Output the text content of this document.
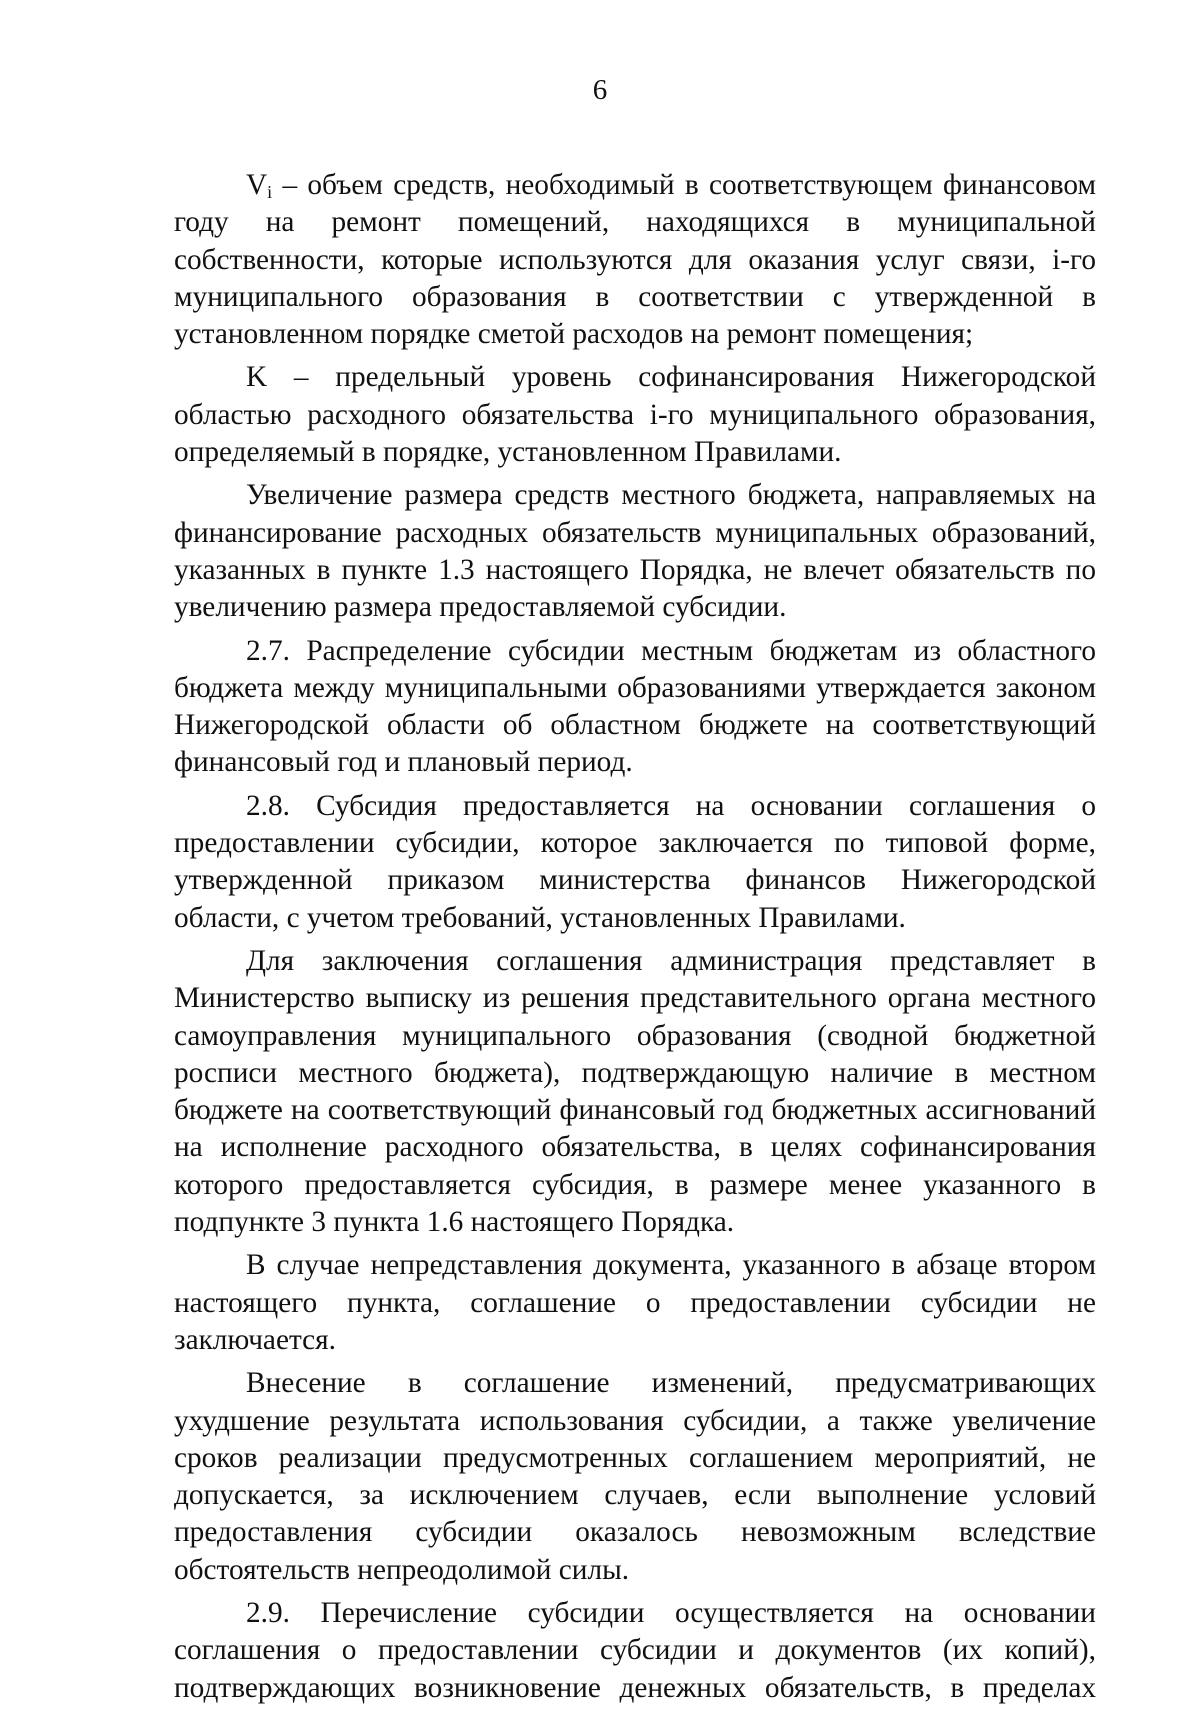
6

$V_i$ – объем средств, необходимый в соответствующем финансовом году на ремонт помещений, находящихся в муниципальной собственности, которые используются для оказания услуг связи, i-го муниципального образования в соответствии с утвержденной в установленном порядке сметой расходов на ремонт помещения;

K – предельный уровень софинансирования Нижегородской областью расходного обязательства i-го муниципального образования, определяемый в порядке, установленном Правилами.

Увеличение размера средств местного бюджета, направляемых на финансирование расходных обязательств муниципальных образований, указанных в пункте 1.3 настоящего Порядка, не влечет обязательств по увеличению размера предоставляемой субсидии.

2.7. Распределение субсидии местным бюджетам из областного бюджета между муниципальными образованиями утверждается законом Нижегородской области об областном бюджете на соответствующий финансовый год и плановый период.

2.8. Субсидия предоставляется на основании соглашения о предоставлении субсидии, которое заключается по типовой форме, утвержденной приказом министерства финансов Нижегородской области, с учетом требований, установленных Правилами.

Для заключения соглашения администрация представляет в Министерство выписку из решения представительного органа местного самоуправления муниципального образования (сводной бюджетной росписи местного бюджета), подтверждающую наличие в местном бюджете на соответствующий финансовый год бюджетных ассигнований на исполнение расходного обязательства, в целях софинансирования которого предоставляется субсидия, в размере менее указанного в подпункте 3 пункта 1.6 настоящего Порядка.

В случае непредставления документа, указанного в абзаце втором настоящего пункта, соглашение о предоставлении субсидии не заключается.

Внесение в соглашение изменений, предусматривающих ухудшение результата использования субсидии, а также увеличение сроков реализации предусмотренных соглашением мероприятий, не допускается, за исключением случаев, если выполнение условий предоставления субсидии оказалось невозможным вследствие обстоятельств непреодолимой силы.

2.9. Перечисление субсидии осуществляется на основании соглашения о предоставлении субсидии и документов (их копий), подтверждающих возникновение денежных обязательств, в пределах
